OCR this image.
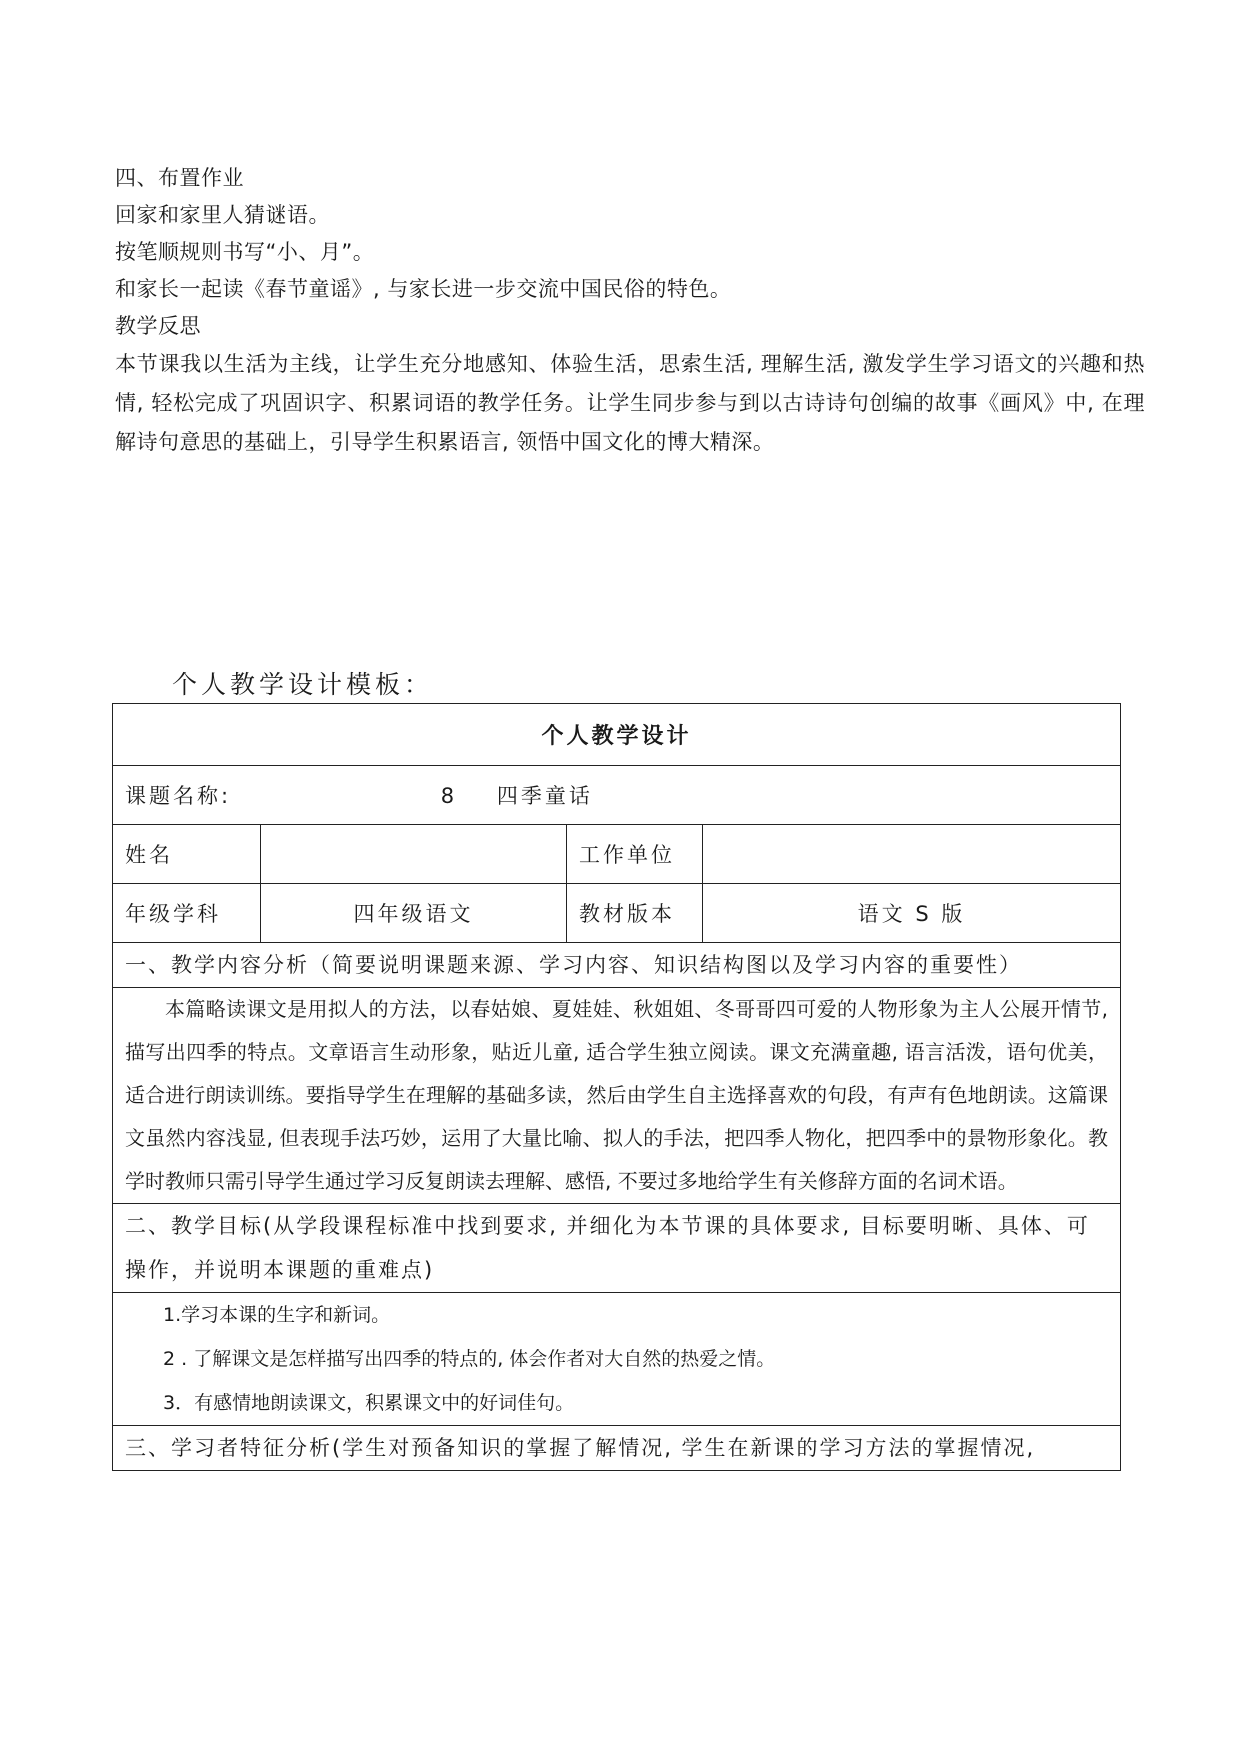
四、布置作业

回家和家里人猜谜语。

按笔顺规则书写“小、月”。

和家长一起读《春节童谣》, 与家长进一步交流中国民俗的特色。

教学反思

本节课我以生活为主线，让学生充分地感知、体验生活，思索生活, 理解生活, 激发学生学习语文的兴趣和热情, 轻松完成了巩固识字、积累词语的教学任务。让学生同步参与到以古诗诗句创编的故事《画风》中, 在理解诗句意思的基础上，引导学生积累语言, 领悟中国文化的博大精深。

个人教学设计模板：
个人教学设计			
课题名称: 8 四季童话			
姓名		工作单位	
年级学科	四年级语文	教材版本	语文 S 版
一、教学内容分析（简要说明课题来源、学习内容、知识结构图以及学习内容的重要性）			
本篇略读课文是用拟人的方法，以春姑娘、夏娃娃、秋姐姐、冬哥哥四可爱的人物形象为主人公展开情节, 描写出四季的特点。文章语言生动形象，贴近儿童, 适合学生独立阅读。课文充满童趣, 语言活泼，语句优美，适合进行朗读训练。要指导学生在理解的基础多读，然后由学生自主选择喜欢的句段，有声有色地朗读。这篇课文虽然内容浅显, 但表现手法巧妙，运用了大量比喻、拟人的手法，把四季人物化，把四季中的景物形象化。教学时教师只需引导学生通过学习反复朗读去理解、感悟, 不要过多地给学生有关修辞方面的名词术语。			
二、教学目标(从学段课程标准中找到要求, 并细化为本节课的具体要求, 目标要明晰、具体、可操作，并说明本课题的重难点)			

1.学习本课的生字和新词。

2 . 了解课文是怎样描写出四季的特点的, 体会作者对大自然的热爱之情。

3．有感情地朗读课文，积累课文中的好词佳句。			

三、学习者特征分析(学生对预备知识的掌握了解情况, 学生在新课的学习方法的掌握情况,			
